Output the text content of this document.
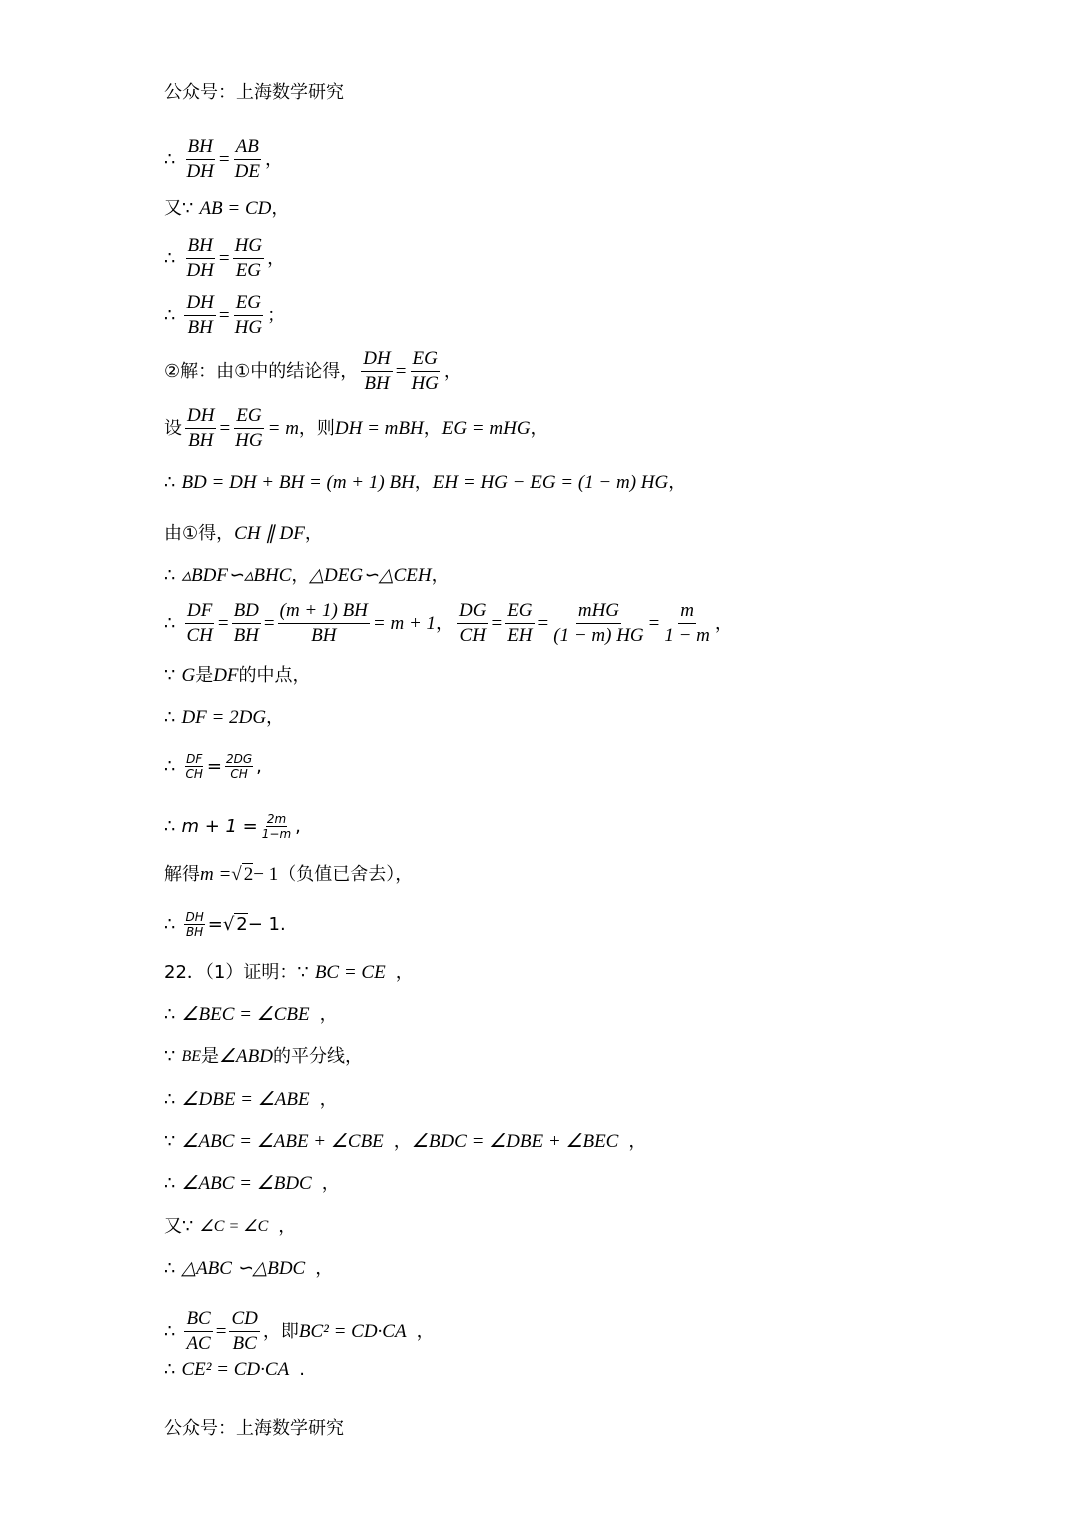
公众号：上海数学研究
∴ $\frac{BH}{DH} = \frac{AB}{DE}$ ，
又 ∵ AB = CD ，
∴ $\frac{BH}{DH} = \frac{HG}{EG}$ ，
∴ $\frac{DH}{BH} = \frac{EG}{HG}$ ；
②解：由①中的结论得， $\frac{DH}{BH} = \frac{EG}{HG}$ ，
设 $\frac{DH}{BH} = \frac{EG}{HG} = m$ ，则 DH = mBH ， EG = mHG ，
∴ BD = DH + BH = (m + 1) BH ， EH = HG − EG = (1 − m) HG ，
由①得， CH ∥ DF ，
∴ ▵BDF∽▵BHC ， △DEG∽△CEH ，
∴ $\frac{DF}{CH} = \frac{BD}{BH} = \frac{(m + 1) BH}{BH} = m + 1$ ， $\frac{DG}{CH} = \frac{EG}{EH} = \frac{\text{mHG}}{(1 - m) HG} = \frac{m}{1 - m}$ ，
∵ G 是 DF 的中点，
∴ DF = 2DG ，
∴ $\frac{DF}{CH} = \frac{2DG}{CH}$ ,
∴ $m + 1 = \frac{2m}{1-m}$ ,
解得 m = √ 2 − 1 （负值已舍去），
∴ $\frac{DH}{BH}$ = √ 2 − 1.
22．（1）证明： ∵ BC = CE ，
∴ ∠BEC = ∠CBE ，
∵ BE 是 ∠ABD 的平分线，
∴ ∠DBE = ∠ABE ，
∵ ∠ABC = ∠ABE + ∠CBE ， ∠BDC = ∠DBE + ∠BEC ，
∴ ∠ABC = ∠BDC ，
又 ∵ ∠C = ∠C ，
∴ △ABC ∽△BDC ，
∴ $\frac{BC}{AC} = \frac{CD}{BC}$ ，即 BC² = CD·CA ，
∴ CE² = CD·CA .
公众号：上海数学研究
